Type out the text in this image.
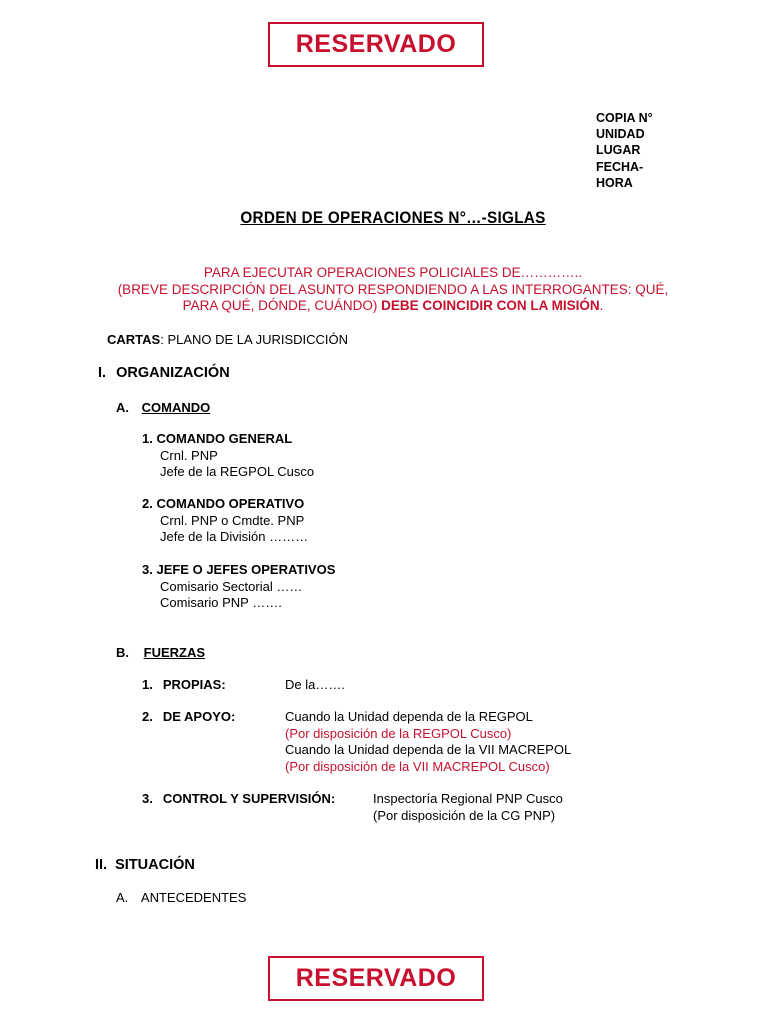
RESERVADO
COPIA N°
UNIDAD
LUGAR
FECHA-
HORA
ORDEN DE OPERACIONES N°…-SIGLAS
PARA EJECUTAR OPERACIONES POLICIALES DE…………..
(BREVE DESCRIPCIÓN DEL ASUNTO RESPONDIENDO A LAS INTERROGANTES: QUÉ,
PARA QUÉ, DÓNDE, CUÁNDO) DEBE COINCIDIR CON LA MISIÓN.
CARTAS: PLANO DE LA JURISDICCIÓN
I. ORGANIZACIÓN
A. COMANDO
1. COMANDO GENERAL
Crnl. PNP
Jefe de la REGPOL Cusco
2. COMANDO OPERATIVO
Crnl. PNP o Cmdte. PNP
Jefe de la División ………
3. JEFE O JEFES OPERATIVOS
Comisario Sectorial ……
Comisario PNP …….
B. FUERZAS
1. PROPIAS:	De la…….
2. DE APOYO:	Cuando la Unidad dependa de la REGPOL
(Por disposición de la REGPOL Cusco)
Cuando la Unidad dependa de la VII MACREPOL
(Por disposición de la VII MACREPOL Cusco)
3. CONTROL Y SUPERVISIÓN:	Inspectoría Regional PNP Cusco
(Por disposición de la CG PNP)
II. SITUACIÓN
A. ANTECEDENTES
RESERVADO
